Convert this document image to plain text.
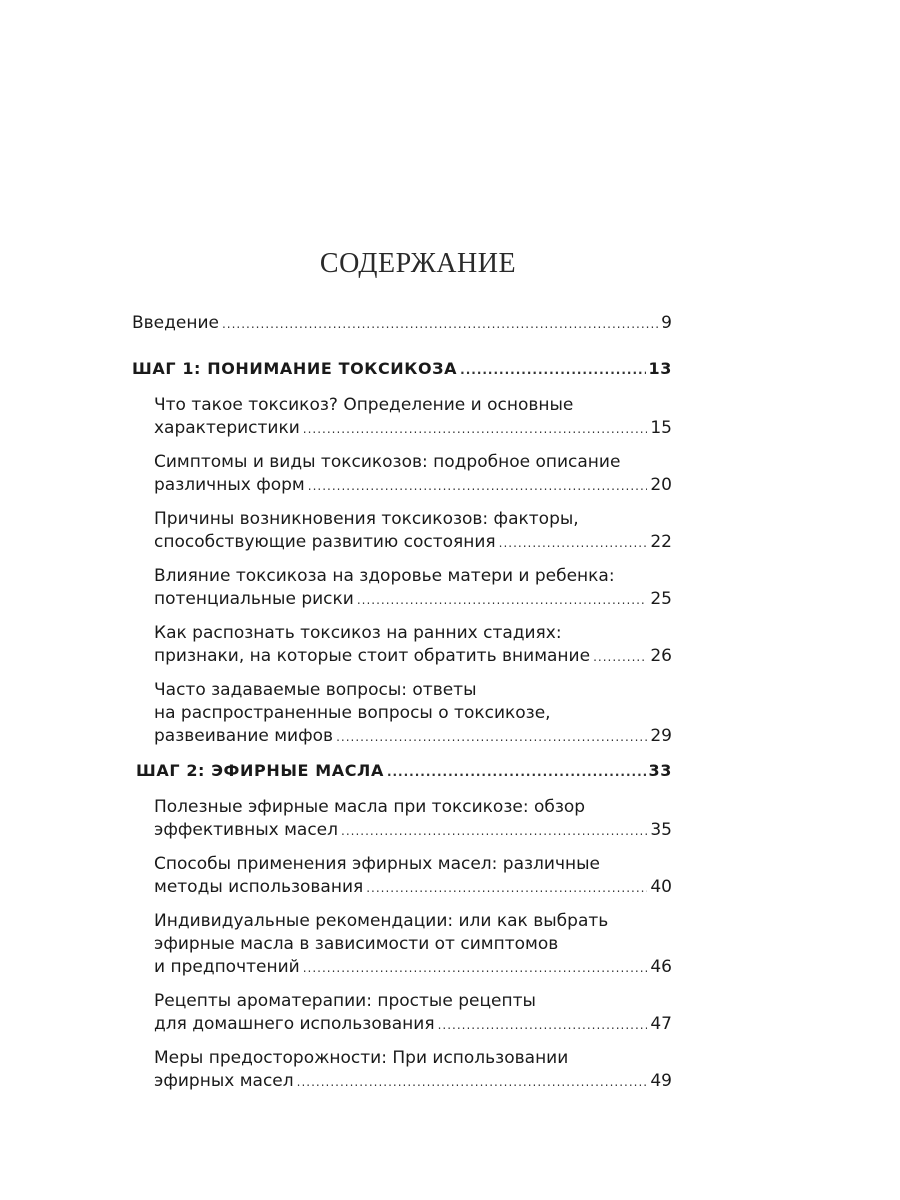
СОДЕРЖАНИЕ
Введение .....	9
ШАГ 1: ПОНИМАНИЕ ТОКСИКОЗА .....	13
Что такое токсикоз? Определение и основные
характеристики .....	15
Симптомы и виды токсикозов: подробное описание
различных форм .....	20
Причины возникновения токсикозов: факторы,
способствующие развитию состояния .....	22
Влияние токсикоза на здоровье матери и ребенка:
потенциальные риски .....	25
Как распознать токсикоз на ранних стадиях:
признаки, на которые стоит обратить внимание .....	26
Часто задаваемые вопросы: ответы
на распространенные вопросы о токсикозе,
развеивание мифов .....	29
ШАГ 2: ЭФИРНЫЕ МАСЛА .....	33
Полезные эфирные масла при токсикозе: обзор
эффективных масел .....	35
Способы применения эфирных масел: различные
методы использования .....	40
Индивидуальные рекомендации: или как выбрать
эфирные масла в зависимости от симптомов
и предпочтений .....	46
Рецепты ароматерапии: простые рецепты
для домашнего использования .....	47
Меры предосторожности: При использовании
эфирных масел .....	49
